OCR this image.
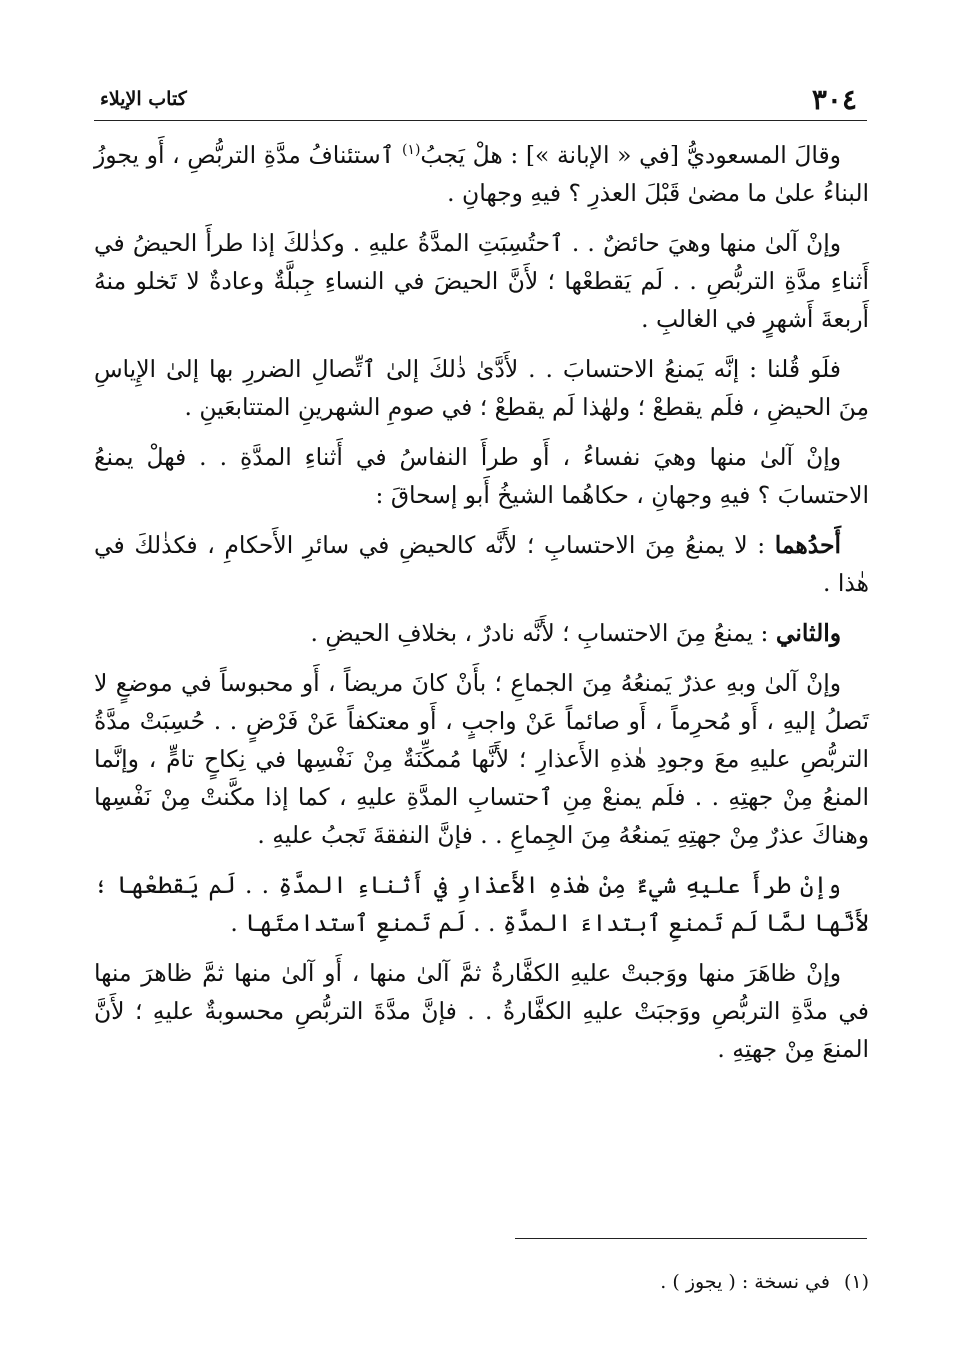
كتاب الإيلاء	٣٠٤

وقالَ المسعوديُّ [في « الإبانة »] : هلْ يَجبُ$^{(١)}$ ٱستئنافُ مدَّةِ التربُّصِ ، أَو يجوزُ البناءُ علىٰ ما مضىٰ قَبْلَ العذرِ ؟ فيهِ وجهانِ .

وإنْ آلىٰ منها وهيَ حائضٌ . . ٱحتُسِبَتِ المدَّةُ عليهِ . وكذٰلكَ إذا طرأَ الحيضُ في أَثناءِ مدَّةِ التربُّصِ . . لَم يَقطعْها ؛ لأَنَّ الحيضَ في النساءِ جِبلَّةٌ وعادةٌ لا تَخلو منهُ أَربعةَ أَشهرٍ في الغالبِ .

فلَو قُلنا : إنَّه يَمنعُ الاحتسابَ . . لأَدَّىٰ ذٰلكَ إلىٰ ٱتِّصالِ الضررِ بها إلىٰ الإِياسِ مِنَ الحيضِ ، فلَم يقطعْ ؛ ولهٰذا لَم يقطعْ ؛ في صومِ الشهرينِ المتتابعَينِ .

وإنْ آلىٰ منها وهيَ نفساءُ ، أَو طرأَ النفاسُ في أَثناءِ المدَّةِ . . فهلْ يمنعُ الاحتسابَ ؟ فيهِ وجهانِ ، حكاهُما الشيخُ أَبو إسحاقَ :

أَحدُهما : لا يمنعُ مِنَ الاحتسابِ ؛ لأَنَّه كالحيضِ في سائرِ الأَحكامِ ، فكذٰلكَ في هٰذا .

والثاني : يمنعُ مِنَ الاحتسابِ ؛ لأَنَّه نادرٌ ، بخلافِ الحيضِ .

وإنْ آلىٰ وبهِ عذرٌ يَمنعُهُ مِنَ الجماعِ ؛ بأَنْ كانَ مريضاً ، أَو محبوساً في موضعٍ لا تَصلُ إليهِ ، أَو مُحرِماً ، أَو صائماً عَنْ واجبٍ ، أَو معتكفاً عَنْ فَرْضٍ . . حُسِبَتْ مدَّةُ التربُّصِ عليهِ معَ وجودِ هٰذهِ الأَعذارِ ؛ لأَنَّها مُمكِّنَةٌ مِنْ نَفْسِها في نِكاحٍ تامٍّ ، وإنَّما المنعُ مِنْ جهتِهِ . . فلَم يمنعْ مِنِ ٱحتسابِ المدَّةِ عليهِ ، كما إذا مكَّنتْ مِنْ نَفْسِها وهناكَ عذرٌ مِنْ جهتِهِ يَمنعُهُ مِنَ الجِماعِ . . فإنَّ النفقةَ تَجبُ عليهِ .

وإنْ طرأَ عليهِ شيءٌ مِنْ هٰذهِ الأَعذارِ في أَثناءِ المدَّةِ . . لَم يَقطعْها ؛ لأَنَّها لمَّا لَم تَمنعِ ٱبتداءَ المدَّةِ . . لَم تَمنعِ ٱستدامتَها .

وإنْ ظاهَرَ منها ووَجبتْ عليهِ الكفَّارةُ ثمَّ آلىٰ منها ، أَو آلىٰ منها ثمَّ ظاهرَ منها في مدَّةِ التربُّصِ ووَجبَتْ عليهِ الكفَّارةُ . . فإنَّ مدَّةَ التربُّصِ محسوبةٌ عليهِ ؛ لأَنَّ المنعَ مِنْ جهتِهِ .

(١)في نسخة : ( يجوز ) .
